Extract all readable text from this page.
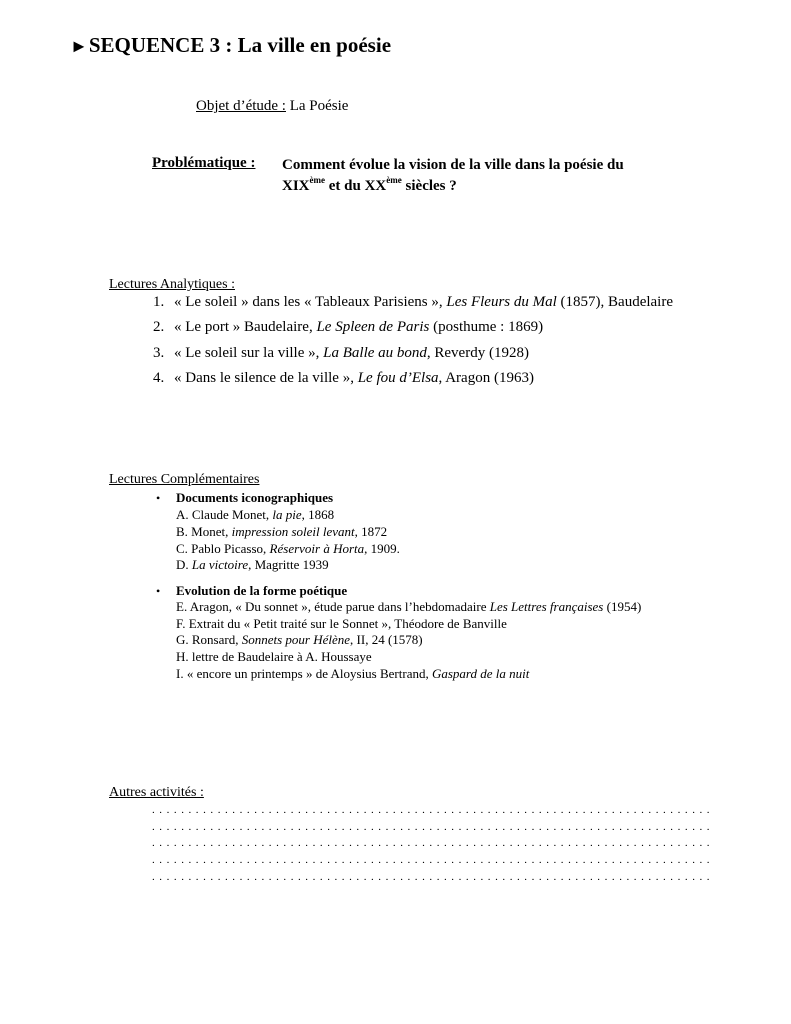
►SEQUENCE 3 : La ville en poésie
Objet d’étude : La Poésie
Problématique : Comment évolue la vision de la ville dans la poésie du
XIXème et du XXème siècles ?
Lectures Analytiques :
1. « Le soleil » dans les « Tableaux Parisiens », Les Fleurs du Mal (1857), Baudelaire
2. « Le port » Baudelaire, Le Spleen de Paris (posthume : 1869)
3. « Le soleil sur la ville », La Balle au bond, Reverdy (1928)
4. « Dans le silence de la ville », Le fou d’Elsa, Aragon (1963)
Lectures Complémentaires
• Documents iconographiques
A. Claude Monet, la pie, 1868
B. Monet, impression soleil levant, 1872
C. Pablo Picasso, Réservoir à Horta, 1909.
D. La victoire, Magritte 1939
• Evolution de la forme poétique
E. Aragon, « Du sonnet », étude parue dans l’hebdomadaire Les Lettres françaises (1954)
F. Extrait du « Petit traité sur le Sonnet », Théodore de Banville
G. Ronsard, Sonnets pour Hélène, II, 24 (1578)
H. lettre de Baudelaire à A. Houssaye
I. « encore un printemps » de Aloysius Bertrand, Gaspard de la nuit
Autres activités :
. . . . . . . . . . . . . . . . . . . . . . . . . . . . . . . . . . . . . . . . . . . . . . . . . . . . . . . . . . . . . . . . . . . . . . . . . . . . .
. . . . . . . . . . . . . . . . . . . . . . . . . . . . . . . . . . . . . . . . . . . . . . . . . . . . . . . . . . . . . . . . . . . . . . . . . . . . .
. . . . . . . . . . . . . . . . . . . . . . . . . . . . . . . . . . . . . . . . . . . . . . . . . . . . . . . . . . . . . . . . . . . . . . . . . . . . .
. . . . . . . . . . . . . . . . . . . . . . . . . . . . . . . . . . . . . . . . . . . . . . . . . . . . . . . . . . . . . . . . . . . . . . . . . . . . .
. . . . . . . . . . . . . . . . . . . . . . . . . . . . . . . . . . . . . . . . . . . . . . . . . . . . . . . . . . . . . . . . . . . . . . . . . . . . .
